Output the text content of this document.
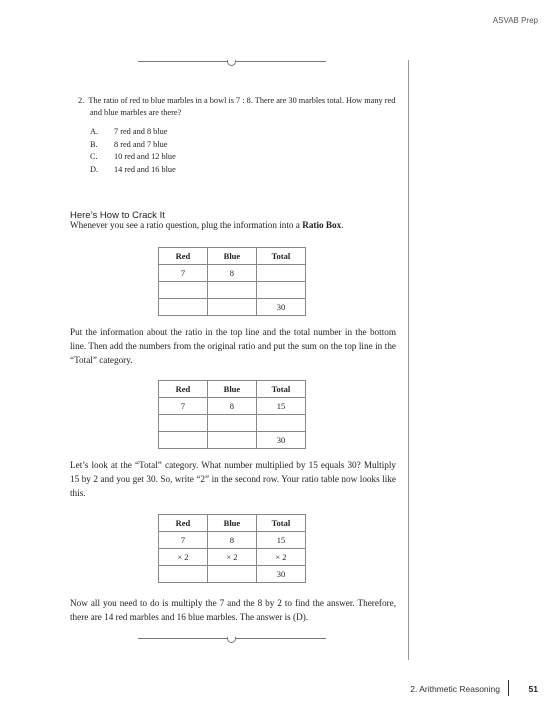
ASVAB Prep
2. The ratio of red to blue marbles in a bowl is 7 : 8. There are 30 marbles total. How many red and blue marbles are there?
A.	7 red and 8 blue
B.	8 red and 7 blue
C.	10 red and 12 blue
D.	14 red and 16 blue
Here’s How to Crack It

Whenever you see a ratio question, plug the information into a Ratio Box.

Red	Blue	Total
7	8	

		30

Put the information about the ratio in the top line and the total number in the bottom line. Then add the numbers from the original ratio and put the sum on the top line in the “Total” category.

Red	Blue	Total
7	8	15

		30

Let’s look at the “Total” category. What number multiplied by 15 equals 30? Multiply 15 by 2 and you get 30. So, write “2” in the second row. Your ratio table now looks like this.

Red	Blue	Total
7	8	15
× 2	× 2	× 2
		30

Now all you need to do is multiply the 7 and the 8 by 2 to find the answer. Therefore, there are 14 red marbles and 16 blue marbles. The answer is (D).

2. Arithmetic Reasoning	51
